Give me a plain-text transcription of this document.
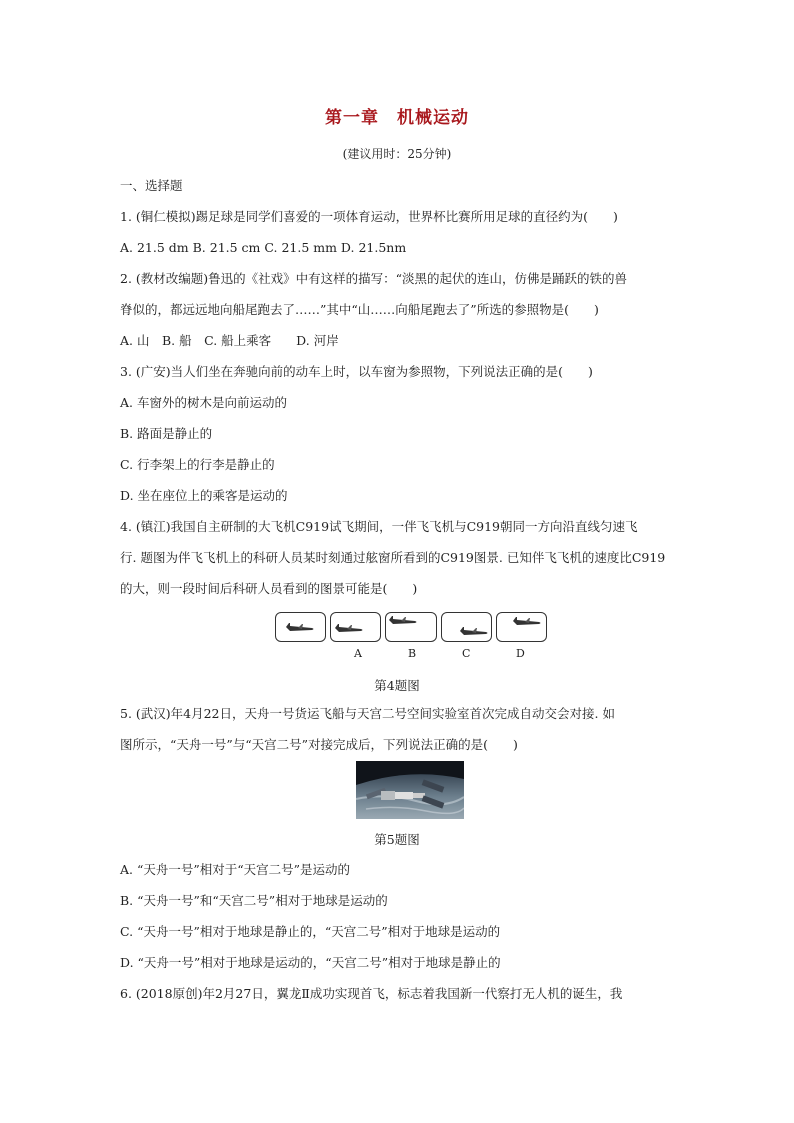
第一章　机械运动
(建议用时：25分钟)
一、选择题
1. (铜仁模拟)踢足球是同学们喜爱的一项体育运动，世界杯比赛所用足球的直径约为(　　)
A. 21.5 dm B. 21.5 cm C. 21.5 mm D. 21.5nm
2. (教材改编题)鲁迅的《社戏》中有这样的描写：“淡黑的起伏的连山，仿佛是踊跃的铁的兽
脊似的，都远远地向船尾跑去了……”其中“山……向船尾跑去了”所选的参照物是(　　)
A. 山　B. 船　C. 船上乘客　　D. 河岸
3. (广安)当人们坐在奔驰向前的动车上时，以车窗为参照物，下列说法正确的是(　　)
A. 车窗外的树木是向前运动的
B. 路面是静止的
C. 行李架上的行李是静止的
D. 坐在座位上的乘客是运动的
4. (镇江)我国自主研制的大飞机C919试飞期间，一伴飞飞机与C919朝同一方向沿直线匀速飞
行. 题图为伴飞飞机上的科研人员某时刻通过舷窗所看到的C919图景. 已知伴飞飞机的速度比C919
的大，则一段时间后科研人员看到的图景可能是(　　)
A	B	C	D
第4题图
5. (武汉)年4月22日，天舟一号货运飞船与天宫二号空间实验室首次完成自动交会对接. 如
图所示，“天舟一号”与“天宫二号”对接完成后，下列说法正确的是(　　)
第5题图
A. “天舟一号”相对于“天宫二号”是运动的
B. “天舟一号”和“天宫二号”相对于地球是运动的
C. “天舟一号”相对于地球是静止的，“天宫二号”相对于地球是运动的
D. “天舟一号”相对于地球是运动的，“天宫二号”相对于地球是静止的
6. (2018原创)年2月27日，翼龙Ⅱ成功实现首飞，标志着我国新一代察打无人机的诞生，我
